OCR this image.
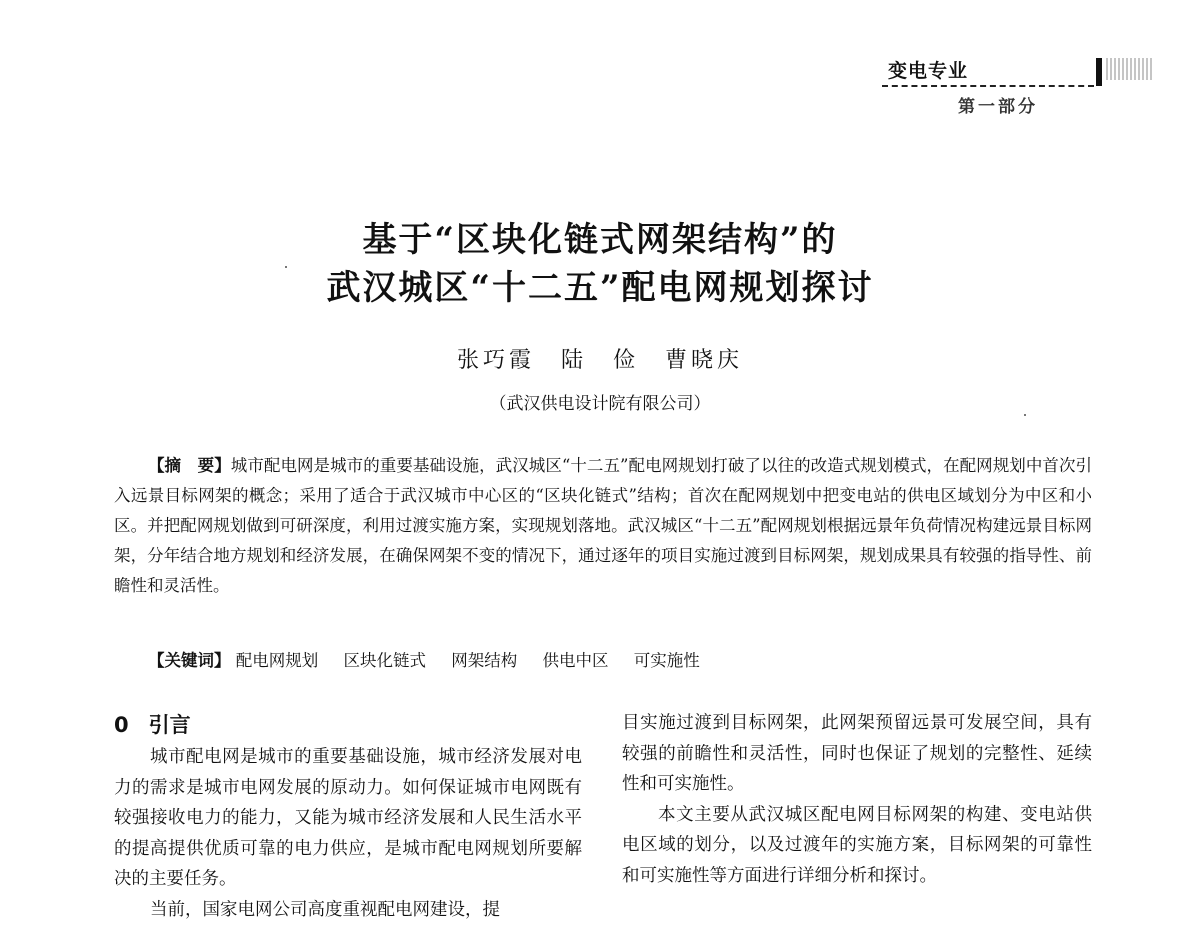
变电专业
第一部分
基于“区块化链式网架结构”的
武汉城区“十二五”配电网规划探讨
张巧霞　陆　俭　曹晓庆
（武汉供电设计院有限公司）

【摘　要】城市配电网是城市的重要基础设施，武汉城区“十二五”配电网规划打破了以往的改造式规划模式，在配网规划中首次引入远景目标网架的概念；采用了适合于武汉城市中心区的“区块化链式”结构；首次在配网规划中把变电站的供电区域划分为中区和小区。并把配网规划做到可研深度，利用过渡实施方案，实现规划落地。武汉城区“十二五”配网规划根据远景年负荷情况构建远景目标网架，分年结合地方规划和经济发展，在确保网架不变的情况下，通过逐年的项目实施过渡到目标网架，规划成果具有较强的指导性、前瞻性和灵活性。

【关键词】 配电网规划 区块化链式 网架结构 供电中区 可实施性
0 引言

城市配电网是城市的重要基础设施，城市经济发展对电力的需求是城市电网发展的原动力。如何保证城市电网既有较强接收电力的能力，又能为城市经济发展和人民生活水平的提高提供优质可靠的电力供应，是城市配电网规划所要解决的主要任务。

当前，国家电网公司高度重视配电网建设，提

目实施过渡到目标网架，此网架预留远景可发展空间，具有较强的前瞻性和灵活性，同时也保证了规划的完整性、延续性和可实施性。

本文主要从武汉城区配电网目标网架的构建、变电站供电区域的划分，以及过渡年的实施方案，目标网架的可靠性和可实施性等方面进行详细分析和探讨。
